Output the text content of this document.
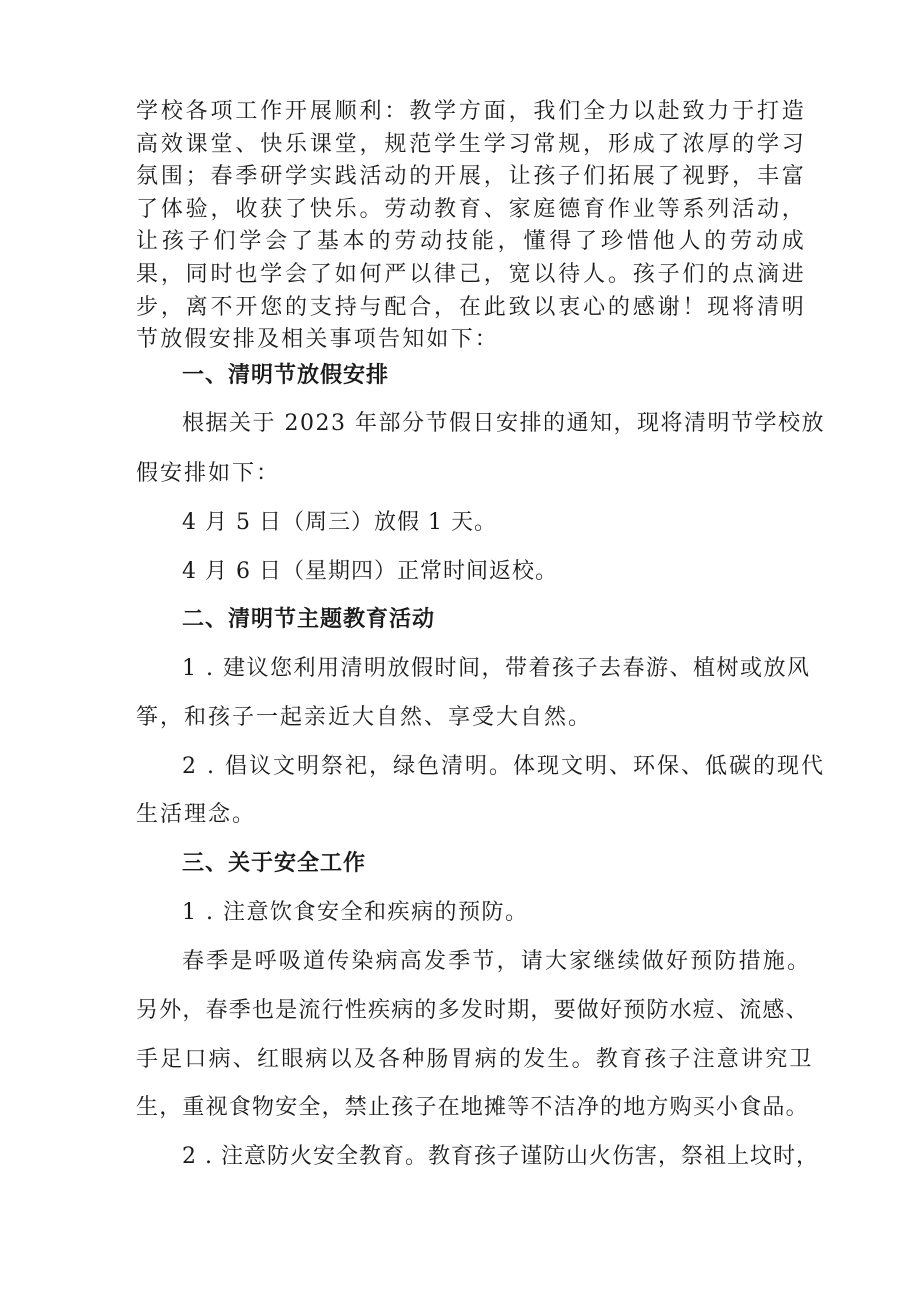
学校各项工作开展顺利：教学方面，我们全力以赴致力于打造高效课堂、快乐课堂，规范学生学习常规，形成了浓厚的学习氛围；春季研学实践活动的开展，让孩子们拓展了视野，丰富了体验，收获了快乐。劳动教育、家庭德育作业等系列活动，让孩子们学会了基本的劳动技能，懂得了珍惜他人的劳动成果，同时也学会了如何严以律己，宽以待人。孩子们的点滴进步，离不开您的支持与配合，在此致以衷心的感谢！现将清明节放假安排及相关事项告知如下：

一、清明节放假安排

根据关于 2023 年部分节假日安排的通知，现将清明节学校放

假安排如下：

4 月 5 日（周三）放假 1 天。

4 月 6 日（星期四）正常时间返校。

二、清明节主题教育活动

1 . 建议您利用清明放假时间，带着孩子去春游、植树或放风

筝，和孩子一起亲近大自然、享受大自然。

2 . 倡议文明祭祀，绿色清明。体现文明、环保、低碳的现代

生活理念。

三、关于安全工作

1 . 注意饮食安全和疾病的预防。

春季是呼吸道传染病高发季节，请大家继续做好预防措施。

另外，春季也是流行性疾病的多发时期，要做好预防水痘、流感、

手足口病、红眼病以及各种肠胃病的发生。教育孩子注意讲究卫

生，重视食物安全，禁止孩子在地摊等不洁净的地方购买小食品。

2 . 注意防火安全教育。教育孩子谨防山火伤害，祭祖上坟时，
